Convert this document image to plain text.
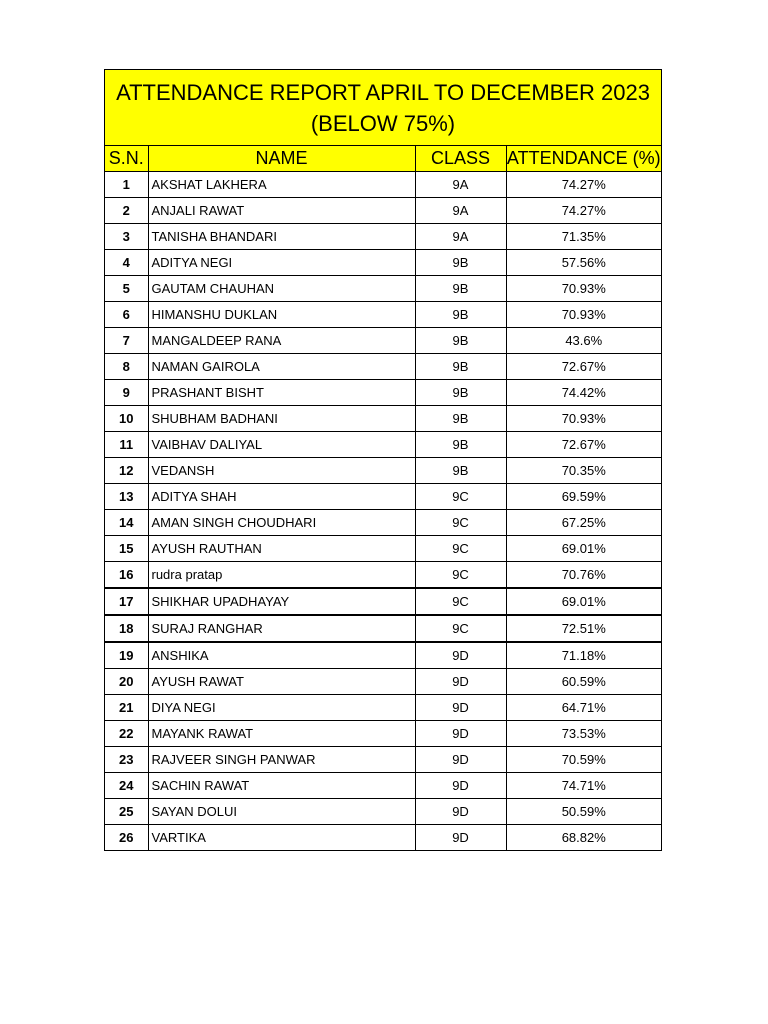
ATTENDANCE REPORT APRIL TO DECEMBER 2023
(BELOW 75%)
S.N.	NAME	CLASS	ATTENDANCE (%)
1	AKSHAT LAKHERA	9A	74.27%
2	ANJALI RAWAT	9A	74.27%
3	TANISHA BHANDARI	9A	71.35%
4	ADITYA NEGI	9B	57.56%
5	GAUTAM CHAUHAN	9B	70.93%
6	HIMANSHU DUKLAN	9B	70.93%
7	MANGALDEEP RANA	9B	43.6%
8	NAMAN GAIROLA	9B	72.67%
9	PRASHANT BISHT	9B	74.42%
10	SHUBHAM BADHANI	9B	70.93%
11	VAIBHAV DALIYAL	9B	72.67%
12	VEDANSH	9B	70.35%
13	ADITYA SHAH	9C	69.59%
14	AMAN SINGH CHOUDHARI	9C	67.25%
15	AYUSH RAUTHAN	9C	69.01%
16	rudra pratap	9C	70.76%
17	SHIKHAR UPADHAYAY	9C	69.01%
18	SURAJ RANGHAR	9C	72.51%
19	ANSHIKA	9D	71.18%
20	AYUSH RAWAT	9D	60.59%
21	DIYA NEGI	9D	64.71%
22	MAYANK RAWAT	9D	73.53%
23	RAJVEER SINGH PANWAR	9D	70.59%
24	SACHIN RAWAT	9D	74.71%
25	SAYAN DOLUI	9D	50.59%
26	VARTIKA	9D	68.82%
